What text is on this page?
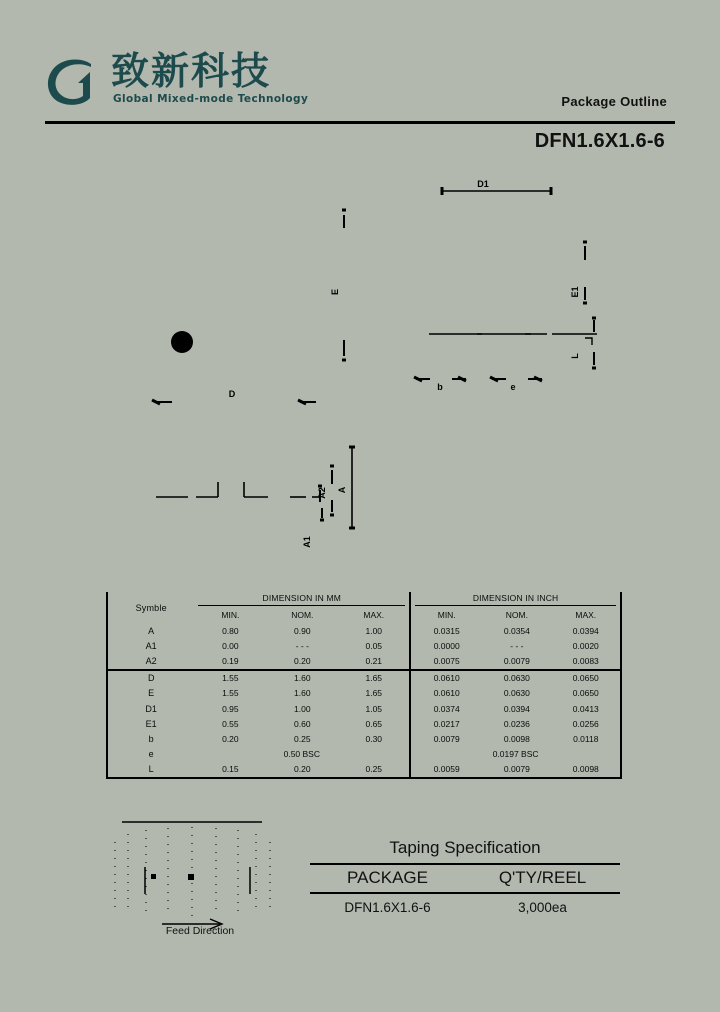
致新科技
Global Mixed-mode Technology	Package Outline
DFN1.6X1.6-6
D1
D
b	e
E	E1
L
A
A2
A1
Symble	DIMENSION IN MM			DIMENSION IN INCH		

	MIN.	NOM.	MAX.	MIN.	NOM.	MAX.
A	0.80	0.90	1.00	0.0315	0.0354	0.0394
A1	0.00	- - -	0.05	0.0000	- - -	0.0020
A2	0.19	0.20	0.21	0.0075	0.0079	0.0083
D	1.55	1.60	1.65	0.0610	0.0630	0.0650
E	1.55	1.60	1.65	0.0610	0.0630	0.0650
D1	0.95	1.00	1.05	0.0374	0.0394	0.0413
E1	0.55	0.60	0.65	0.0217	0.0236	0.0256
b	0.20	0.25	0.30	0.0079	0.0098	0.0118
e	0.50 BSC			0.0197 BSC		
L	0.15	0.20	0.25	0.0059	0.0079	0.0098
Feed Direction
Taping Specification
PACKAGE	Q'TY/REEL
DFN1.6X1.6-6	3,000ea
